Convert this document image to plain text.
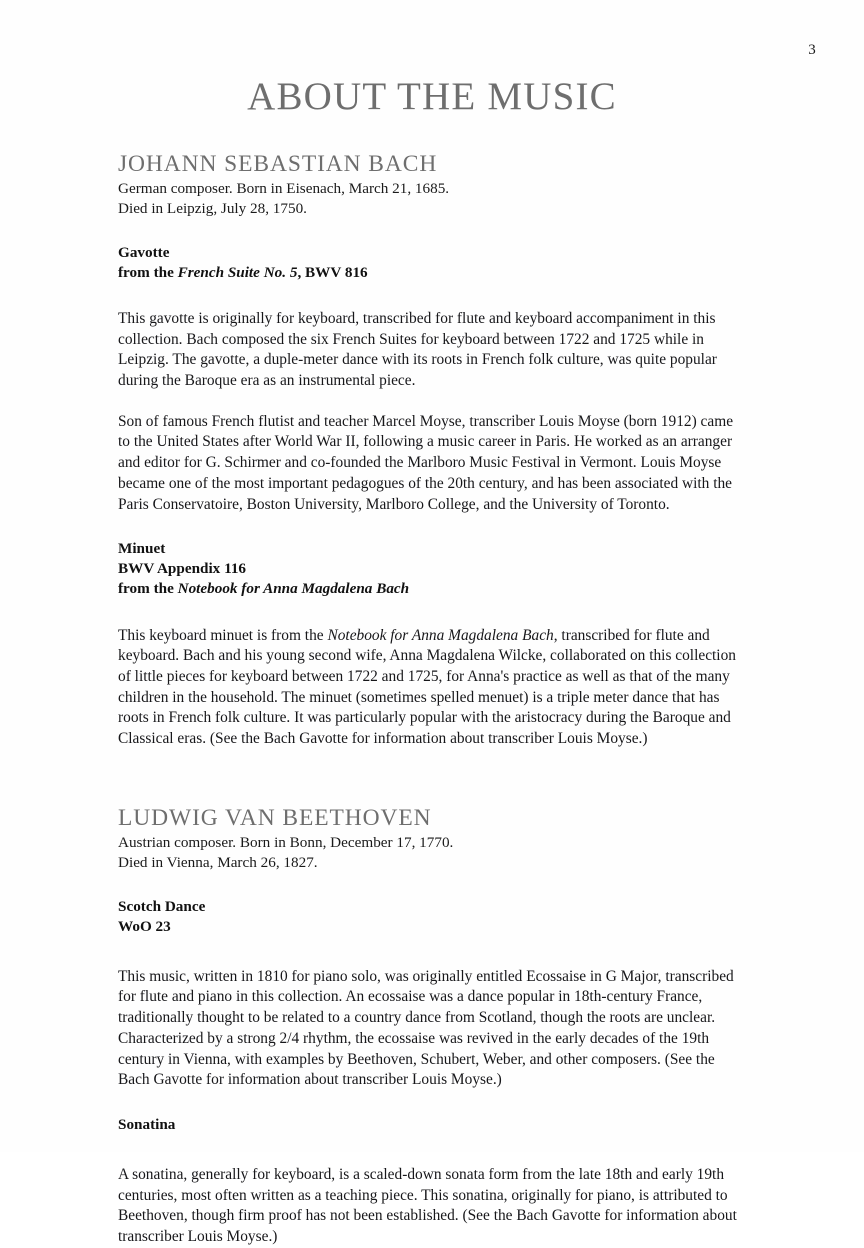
3
ABOUT THE MUSIC
JOHANN SEBASTIAN BACH

German composer. Born in Eisenach, March 21, 1685.

Died in Leipzig, July 28, 1750.

Gavotte
from the French Suite No. 5, BWV 816

This gavotte is originally for keyboard, transcribed for flute and keyboard accompaniment in this collection. Bach composed the six French Suites for keyboard between 1722 and 1725 while in Leipzig. The gavotte, a duple-meter dance with its roots in French folk culture, was quite popular during the Baroque era as an instrumental piece.

Son of famous French flutist and teacher Marcel Moyse, transcriber Louis Moyse (born 1912) came to the United States after World War II, following a music career in Paris. He worked as an arranger and editor for G. Schirmer and co-founded the Marlboro Music Festival in Vermont. Louis Moyse became one of the most important pedagogues of the 20th century, and has been associated with the Paris Conservatoire, Boston University, Marlboro College, and the University of Toronto.

Minuet
BWV Appendix 116
from the Notebook for Anna Magdalena Bach

This keyboard minuet is from the Notebook for Anna Magdalena Bach, transcribed for flute and keyboard. Bach and his young second wife, Anna Magdalena Wilcke, collaborated on this collection of little pieces for keyboard between 1722 and 1725, for Anna's practice as well as that of the many children in the household. The minuet (sometimes spelled menuet) is a triple meter dance that has roots in French folk culture. It was particularly popular with the aristocracy during the Baroque and Classical eras. (See the Bach Gavotte for information about transcriber Louis Moyse.)

LUDWIG VAN BEETHOVEN

Austrian composer. Born in Bonn, December 17, 1770.

Died in Vienna, March 26, 1827.

Scotch Dance
WoO 23

This music, written in 1810 for piano solo, was originally entitled Ecossaise in G Major, transcribed for flute and piano in this collection. An ecossaise was a dance popular in 18th-century France, traditionally thought to be related to a country dance from Scotland, though the roots are unclear. Characterized by a strong 2/4 rhythm, the ecossaise was revived in the early decades of the 19th century in Vienna, with examples by Beethoven, Schubert, Weber, and other composers. (See the Bach Gavotte for information about transcriber Louis Moyse.)

Sonatina

A sonatina, generally for keyboard, is a scaled-down sonata form from the late 18th and early 19th centuries, most often written as a teaching piece. This sonatina, originally for piano, is attributed to Beethoven, though firm proof has not been established. (See the Bach Gavotte for information about transcriber Louis Moyse.)
